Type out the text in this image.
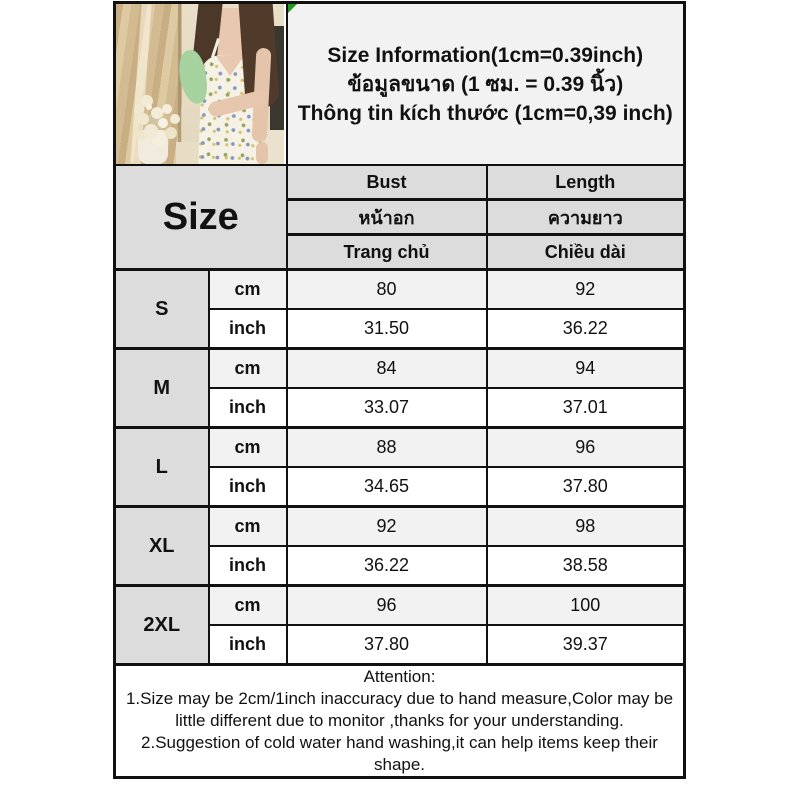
		Size Information(1cm=0.39inch)
ข้อมูลขนาด (1 ซม. = 0.39 นิ้ว)
Thông tin kích thước (1cm=0,39 inch)	

Size		Bust	Length
		หน้าอก	ความยาว
		Trang chủ	Chiều dài
S	cm	80	92
	inch	31.50	36.22
M	cm	84	94
	inch	33.07	37.01
L	cm	88	96
	inch	34.65	37.80
XL	cm	92	98
	inch	36.22	38.58
2XL	cm	96	100
	inch	37.80	39.37

Attention:
1.Size may be 2cm/1inch inaccuracy due to hand measure,Color may be little different due to monitor ,thanks for your understanding.
2.Suggestion of cold water hand washing,it can help items keep their shape.			
